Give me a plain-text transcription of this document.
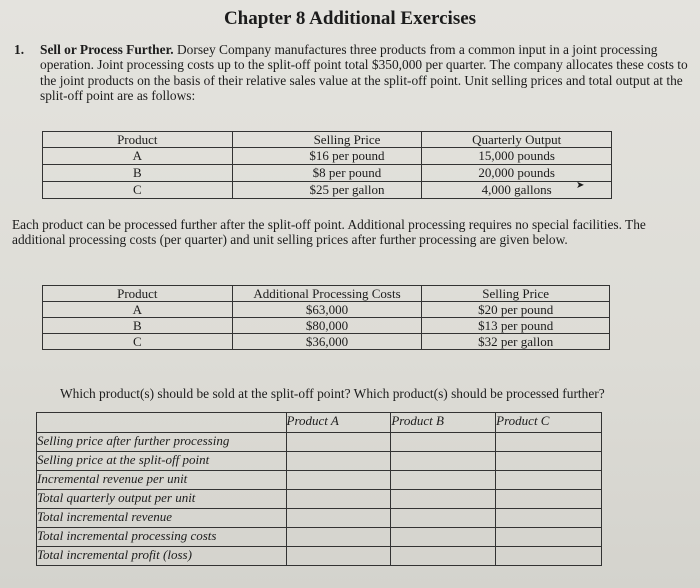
Chapter 8 Additional Exercises
1. Sell or Process Further. Dorsey Company manufactures three products from a common input in a joint processing operation. Joint processing costs up to the split-off point total $350,000 per quarter. The company allocates these costs to the joint products on the basis of their relative sales value at the split-off point. Unit selling prices and total output at the split-off point are as follows:
Product	Selling Price	Quarterly Output
A	$16 per pound	15,000 pounds
B	$8 per pound	20,000 pounds
C	$25 per gallon	4,000 gallons ➤
Each product can be processed further after the split-off point. Additional processing requires no special facilities. The additional processing costs (per quarter) and unit selling prices after further processing are given below.
Product	Additional Processing Costs	Selling Price
A	$63,000	$20 per pound
B	$80,000	$13 per pound
C	$36,000	$32 per gallon
Which product(s) should be sold at the split-off point? Which product(s) should be processed further?
	Product A	Product B	Product C
Selling price after further processing			
Selling price at the split-off point			
Incremental revenue per unit			
Total quarterly output per unit			
Total incremental revenue			
Total incremental processing costs			
Total incremental profit (loss)			
